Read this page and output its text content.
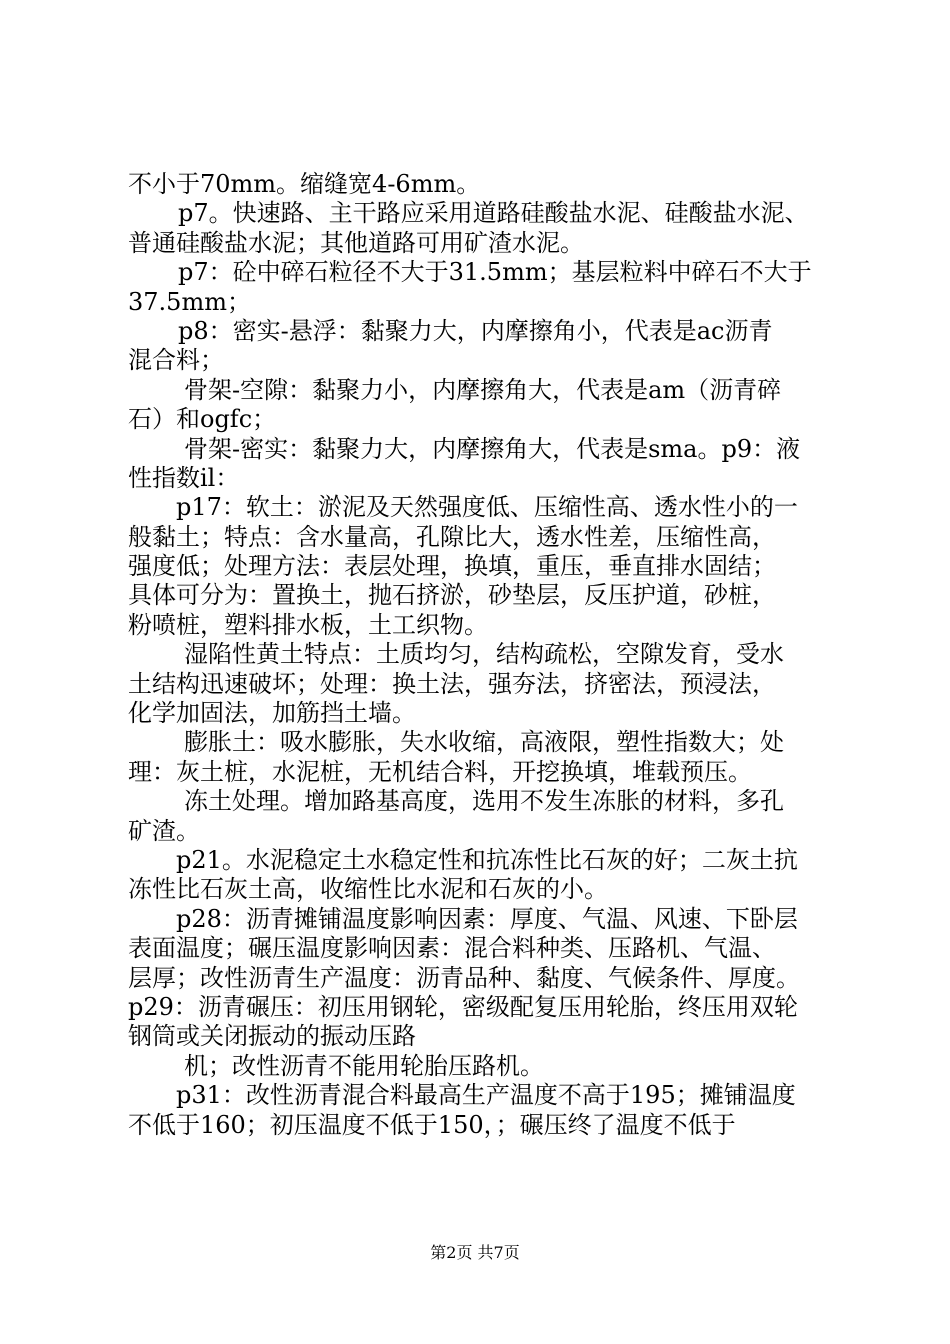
不小于70mm。缩缝宽4-6mm。
p7。快速路、主干路应采用道路硅酸盐水泥、硅酸盐水泥、
普通硅酸盐水泥；其他道路可用矿渣水泥。
p7：砼中碎石粒径不大于31.5mm；基层粒料中碎石不大于
37.5mm；
p8：密实-悬浮：黏聚力大，内摩擦角小，代表是ac沥青
混合料；
骨架-空隙：黏聚力小，内摩擦角大，代表是am（沥青碎
石）和ogfc；
骨架-密实：黏聚力大，内摩擦角大，代表是sma。p9：液
性指数il：
p17：软土：淤泥及天然强度低、压缩性高、透水性小的一
般黏土；特点：含水量高，孔隙比大，透水性差，压缩性高，
强度低；处理方法：表层处理，换填，重压，垂直排水固结；
具体可分为：置换土，抛石挤淤，砂垫层，反压护道，砂桩，
粉喷桩，塑料排水板，土工织物。
湿陷性黄土特点：土质均匀，结构疏松，空隙发育，受水
土结构迅速破坏；处理：换土法，强夯法，挤密法，预浸法，
化学加固法，加筋挡土墙。
膨胀土：吸水膨胀，失水收缩，高液限，塑性指数大；处
理：灰土桩，水泥桩，无机结合料，开挖换填，堆载预压。
冻土处理。增加路基高度，选用不发生冻胀的材料，多孔
矿渣。
p21。水泥稳定土水稳定性和抗冻性比石灰的好；二灰土抗
冻性比石灰土高，收缩性比水泥和石灰的小。
p28：沥青摊铺温度影响因素：厚度、气温、风速、下卧层
表面温度；碾压温度影响因素：混合料种类、压路机、气温、
层厚；改性沥青生产温度：沥青品种、黏度、气候条件、厚度。
p29：沥青碾压：初压用钢轮，密级配复压用轮胎，终压用双轮
钢筒或关闭振动的振动压路
机；改性沥青不能用轮胎压路机。
p31：改性沥青混合料最高生产温度不高于195；摊铺温度
不低于160；初压温度不低于150，；碾压终了温度不低于
第2页 共7页
